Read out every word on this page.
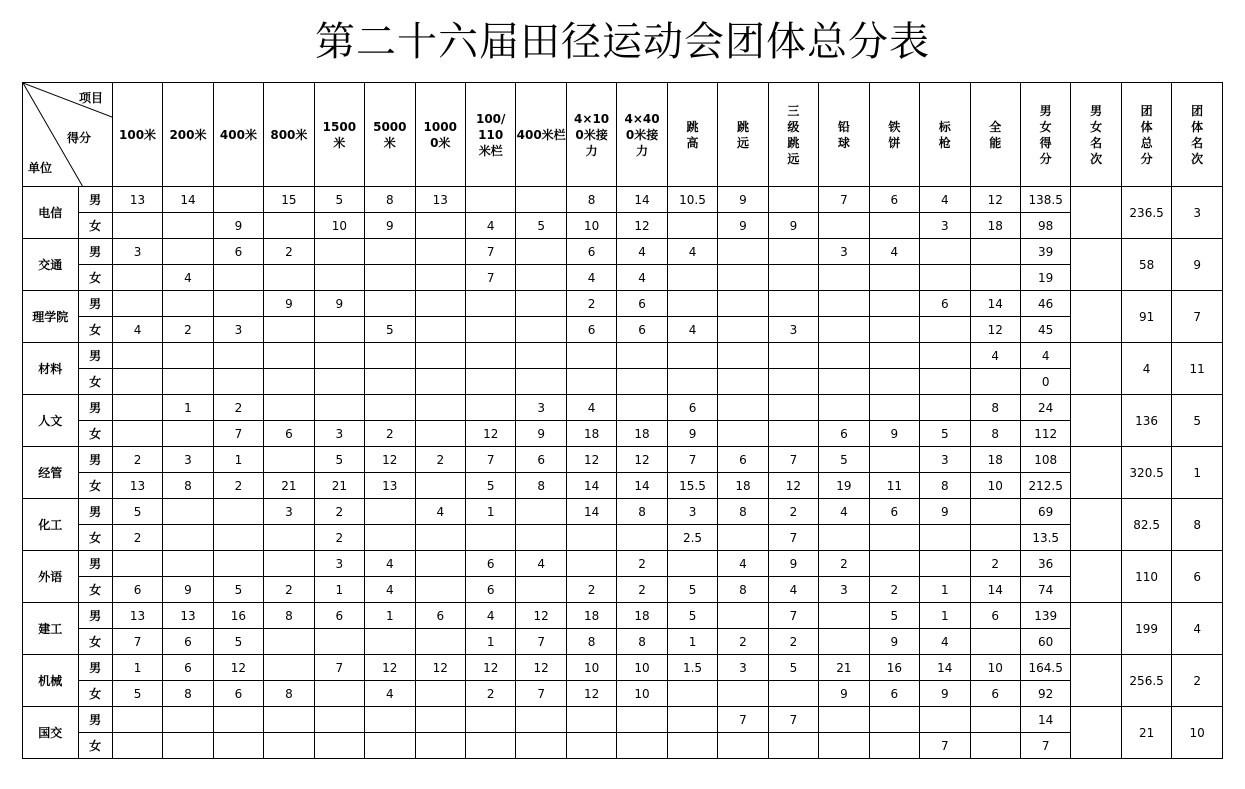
第二十六届田径运动会团体总分表
项目
得分
单位		100米	200米	400米	800米	1500米	5000米	10000米	100/110米栏	400米栏	4×100米接力	4×400米接力	跳高	跳远	三级跳远	铅球	铁饼	标枪	全能	男女得分	男女名次	团体总分	团体名次
电信	男	13	14		15	5	8	13			8	14	10.5	9		7	6	4	12	138.5		236.5	3
	女			9		10	9		4	5	10	12		9	9			3	18	98			
交通	男	3		6	2				7		6	4	4			3	4			39		58	9
	女		4						7		4	4								19			
理学院	男				9	9					2	6						6	14	46		91	7
	女	4	2	3			5				6	6	4		3				12	45			
材料	男																		4	4		4	11
	女																			0			
人文	男		1	2						3	4		6						8	24		136	5
	女			7	6	3	2		12	9	18	18	9			6	9	5	8	112			
经管	男	2	3	1		5	12	2	7	6	12	12	7	6	7	5		3	18	108		320.5	1
	女	13	8	2	21	21	13		5	8	14	14	15.5	18	12	19	11	8	10	212.5			
化工	男	5			3	2		4	1		14	8	3	8	2	4	6	9		69		82.5	8
	女	2				2							2.5		7					13.5			
外语	男					3	4		6	4		2		4	9	2			2	36		110	6
	女	6	9	5	2	1	4		6		2	2	5	8	4	3	2	1	14	74			
建工	男	13	13	16	8	6	1	6	4	12	18	18	5		7		5	1	6	139		199	4
	女	7	6	5					1	7	8	8	1	2	2		9	4		60			
机械	男	1	6	12		7	12	12	12	12	10	10	1.5	3	5	21	16	14	10	164.5		256.5	2
	女	5	8	6	8		4		2	7	12	10				9	6	9	6	92			
国交	男													7	7					14		21	10
	女																	7		7			
